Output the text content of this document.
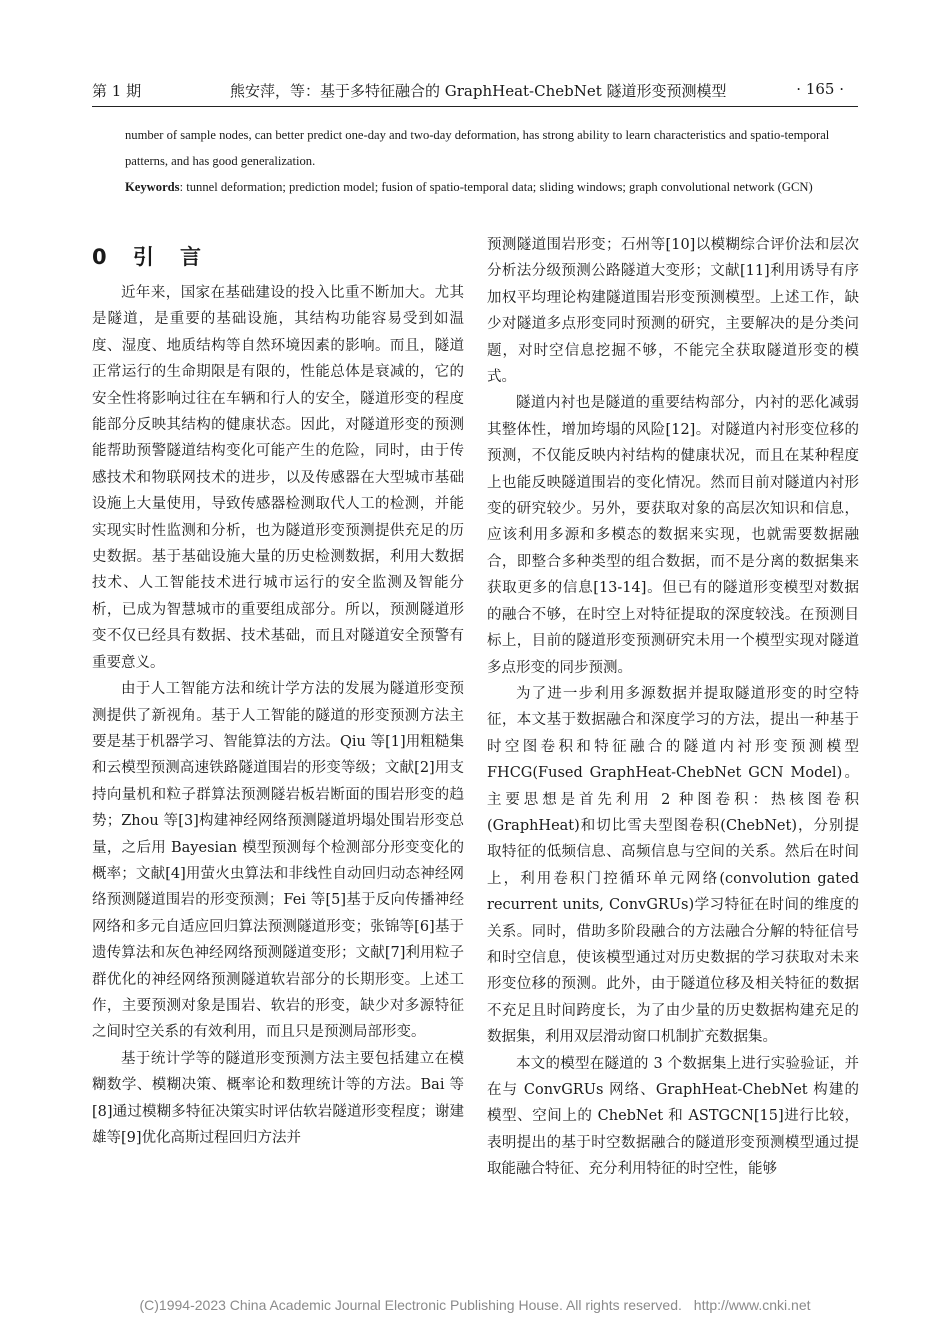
第 1 期	熊安萍，等：基于多特征融合的 GraphHeat-ChebNet 隧道形变预测模型	· 165 ·

number of sample nodes, can better predict one-day and two-day deformation, has strong ability to learn characteristics and spatio-temporal patterns, and has good generalization.

Keywords: tunnel deformation; prediction model; fusion of spatio-temporal data; sliding windows; graph convolutional network (GCN)

0 引 言

近年来，国家在基础建设的投入比重不断加大。尤其是隧道，是重要的基础设施，其结构功能容易受到如温度、湿度、地质结构等自然环境因素的影响。而且，隧道正常运行的生命期限是有限的，性能总体是衰减的，它的安全性将影响过往在车辆和行人的安全，隧道形变的程度能部分反映其结构的健康状态。因此，对隧道形变的预测能帮助预警隧道结构变化可能产生的危险，同时，由于传感技术和物联网技术的进步，以及传感器在大型城市基础设施上大量使用，导致传感器检测取代人工的检测，并能实现实时性监测和分析，也为隧道形变预测提供充足的历史数据。基于基础设施大量的历史检测数据，利用大数据技术、人工智能技术进行城市运行的安全监测及智能分析，已成为智慧城市的重要组成部分。所以，预测隧道形变不仅已经具有数据、技术基础，而且对隧道安全预警有重要意义。

由于人工智能方法和统计学方法的发展为隧道形变预测提供了新视角。基于人工智能的隧道的形变预测方法主要是基于机器学习、智能算法的方法。Qiu 等[1]用粗糙集和云模型预测高速铁路隧道围岩的形变等级；文献[2]用支持向量机和粒子群算法预测隧岩板岩断面的围岩形变的趋势；Zhou 等[3]构建神经网络预测隧道坍塌处围岩形变总量，之后用 Bayesian 模型预测每个检测部分形变变化的概率；文献[4]用萤火虫算法和非线性自动回归动态神经网络预测隧道围岩的形变预测；Fei 等[5]基于反向传播神经网络和多元自适应回归算法预测隧道形变；张锦等[6]基于遗传算法和灰色神经网络预测隧道变形；文献[7]利用粒子群优化的神经网络预测隧道软岩部分的长期形变。上述工作，主要预测对象是围岩、软岩的形变，缺少对多源特征之间时空关系的有效利用，而且只是预测局部形变。

基于统计学等的隧道形变预测方法主要包括建立在模糊数学、模糊决策、概率论和数理统计等的方法。Bai 等[8]通过模糊多特征决策实时评估软岩隧道形变程度；谢建雄等[9]优化高斯过程回归方法并

预测隧道围岩形变；石州等[10]以模糊综合评价法和层次分析法分级预测公路隧道大变形；文献[11]利用诱导有序加权平均理论构建隧道围岩形变预测模型。上述工作，缺少对隧道多点形变同时预测的研究，主要解决的是分类问题，对时空信息挖掘不够，不能完全获取隧道形变的模式。

隧道内衬也是隧道的重要结构部分，内衬的恶化减弱其整体性，增加垮塌的风险[12]。对隧道内衬形变位移的预测，不仅能反映内衬结构的健康状况，而且在某种程度上也能反映隧道围岩的变化情况。然而目前对隧道内衬形变的研究较少。另外，要获取对象的高层次知识和信息，应该利用多源和多模态的数据来实现，也就需要数据融合，即整合多种类型的组合数据，而不是分离的数据集来获取更多的信息[13-14]。但已有的隧道形变模型对数据的融合不够，在时空上对特征提取的深度较浅。在预测目标上，目前的隧道形变预测研究未用一个模型实现对隧道多点形变的同步预测。

为了进一步利用多源数据并提取隧道形变的时空特征，本文基于数据融合和深度学习的方法，提出一种基于时空图卷积和特征融合的隧道内衬形变预测模型 FHCG(Fused GraphHeat-ChebNet GCN Model)。主要思想是首先利用 2 种图卷积：热核图卷积(GraphHeat)和切比雪夫型图卷积(ChebNet)，分别提取特征的低频信息、高频信息与空间的关系。然后在时间上，利用卷积门控循环单元网络(convolution gated recurrent units, ConvGRUs)学习特征在时间的维度的关系。同时，借助多阶段融合的方法融合分解的特征信号和时空信息，使该模型通过对历史数据的学习获取对未来形变位移的预测。此外，由于隧道位移及相关特征的数据不充足且时间跨度长，为了由少量的历史数据构建充足的数据集，利用双层滑动窗口机制扩充数据集。

本文的模型在隧道的 3 个数据集上进行实验验证，并在与 ConvGRUs 网络、GraphHeat-ChebNet 构建的模型、空间上的 ChebNet 和 ASTGCN[15]进行比较，表明提出的基于时空数据融合的隧道形变预测模型通过提取能融合特征、充分利用特征的时空性，能够

(C)1994-2023 China Academic Journal Electronic Publishing House. All rights reserved. http://www.cnki.net
